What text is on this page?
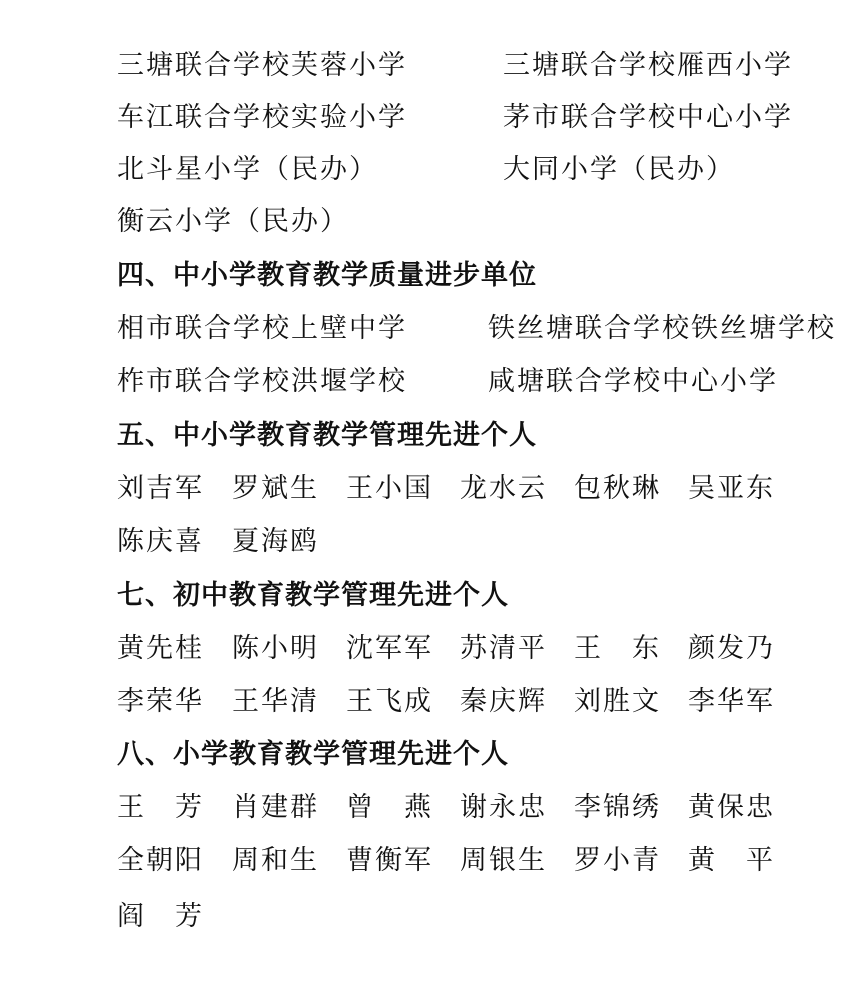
三塘联合学校芙蓉小学	三塘联合学校雁西小学
车江联合学校实验小学	茅市联合学校中心小学
北斗星小学（民办）	大同小学（民办）
衡云小学（民办）
四、中小学教育教学质量进步单位
相市联合学校上壁中学	铁丝塘联合学校铁丝塘学校
柞市联合学校洪堰学校	咸塘联合学校中心小学
五、中小学教育教学管理先进个人
刘吉军 罗斌生 王小国 龙水云 包秋琳 吴亚东
陈庆喜 夏海鸥
七、初中教育教学管理先进个人
黄先桂 陈小明 沈军军 苏清平 王　东 颜发乃
李荣华 王华清 王飞成 秦庆辉 刘胜文 李华军
八、小学教育教学管理先进个人
王　芳 肖建群 曾　燕 谢永忠 李锦绣 黄保忠
全朝阳 周和生 曹衡军 周银生 罗小青 黄　平
阎　芳
